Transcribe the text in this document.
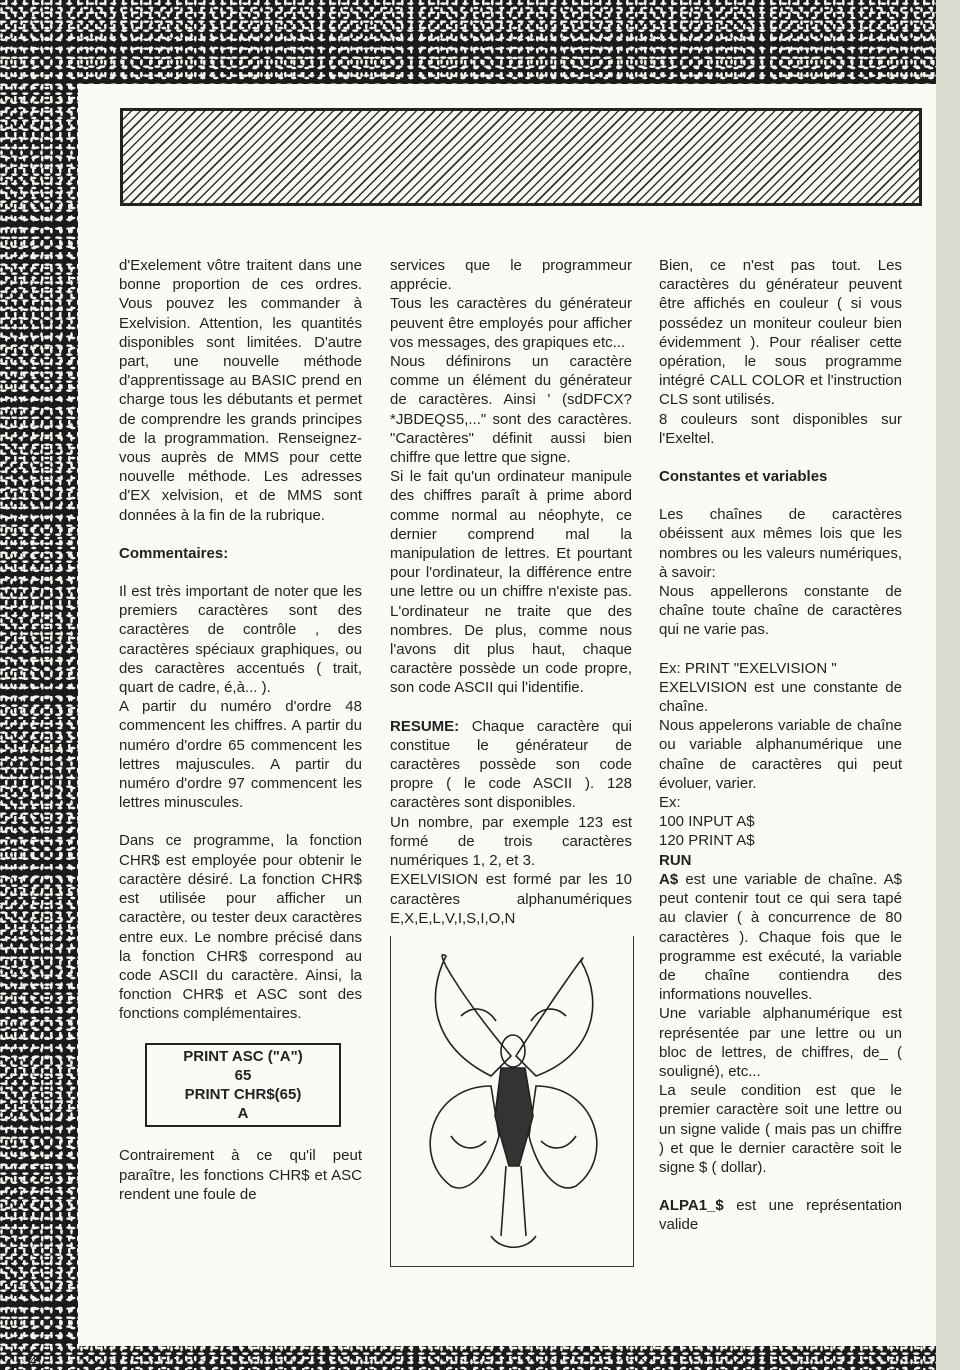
d'Exelement vôtre traitent dans une bonne proportion de ces ordres. Vous pouvez les commander à Exelvision. Attention, les quantités disponibles sont limitées. D'autre part, une nouvelle méthode d'apprentissage au BASIC prend en charge tous les débutants et permet de comprendre les grands principes de la programmation. Renseignez-vous auprès de MMS pour cette nouvelle méthode. Les adresses d'EX xelvision, et de MMS sont données à la fin de la rubrique.

Commentaires:

Il est très important de noter que les premiers caractères sont des caractères de contrôle , des caractères spéciaux graphiques, ou des caractères accentués ( trait, quart de cadre, é,à... ).

A partir du numéro d'ordre 48 commencent les chiffres. A partir du numéro d'ordre 65 commencent les lettres majuscules. A partir du numéro d'ordre 97 commencent les lettres minuscules.

Dans ce programme, la fonction CHR$ est employée pour obtenir le caractère désiré. La fonction CHR$ est utilisée pour afficher un caractère, ou tester deux caractères entre eux. Le nombre précisé dans la fonction CHR$ correspond au code ASCII du caractère. Ainsi, la fonction CHR$ et ASC sont des fonctions complémentaires.

PRINT ASC ("A")
65
PRINT CHR$(65)
A

Contrairement à ce qu'il peut paraître, les fonctions CHR$ et ASC rendent une foule de

services que le programmeur apprécie.

Tous les caractères du générateur peuvent être employés pour afficher vos messages, des grapiques etc...

Nous définirons un caractère comme un élément du générateur de caractères. Ainsi ' (sdDFCX?*JBDEQS5,..." sont des caractères. "Caractères" définit aussi bien chiffre que lettre que signe.

Si le fait qu'un ordinateur manipule des chiffres paraît à prime abord comme normal au néophyte, ce dernier comprend mal la manipulation de lettres. Et pourtant pour l'ordinateur, la différence entre une lettre ou un chiffre n'existe pas. L'ordinateur ne traite que des nombres. De plus, comme nous l'avons dit plus haut, chaque caractère possède un code propre, son code ASCII qui l'identifie.

RESUME: Chaque caractère qui constitue le générateur de caractères possède son code propre ( le code ASCII ). 128 caractères sont disponibles.

Un nombre, par exemple 123 est formé de trois caractères numériques 1, 2, et 3.

EXELVISION est formé par les 10 caractères alphanumériques E,X,E,L,V,I,S,I,O,N

Bien, ce n'est pas tout. Les caractères du générateur peuvent être affichés en couleur ( si vous possédez un moniteur couleur bien évidemment ). Pour réaliser cette opération, le sous programme intégré CALL COLOR et l'instruction CLS sont utilisés.

8 couleurs sont disponibles sur l'Exeltel.

Constantes et variables

Les chaînes de caractères obéissent aux mêmes lois que les nombres ou les valeurs numériques, à savoir:

Nous appellerons constante de chaîne toute chaîne de caractères qui ne varie pas.

Ex: PRINT "EXELVISION "

EXELVISION est une constante de chaîne.

Nous appelerons variable de chaîne ou variable alphanumérique une chaîne de caractères qui peut évoluer, varier.

Ex:

100 INPUT A$

120 PRINT A$

RUN

A$ est une variable de chaîne. A$ peut contenir tout ce qui sera tapé au clavier ( à concurrence de 80 caractères ). Chaque fois que le programme est exécuté, la variable de chaîne contiendra des informations nouvelles.

Une variable alphanumérique est représentée par une lettre ou un bloc de lettres, de chiffres, de_ ( souligné), etc...

La seule condition est que le premier caractère soit une lettre ou un signe valide ( mais pas un chiffre ) et que le dernier caractère soit le signe $ ( dollar).

ALPA1_$ est une représentation valide

4
